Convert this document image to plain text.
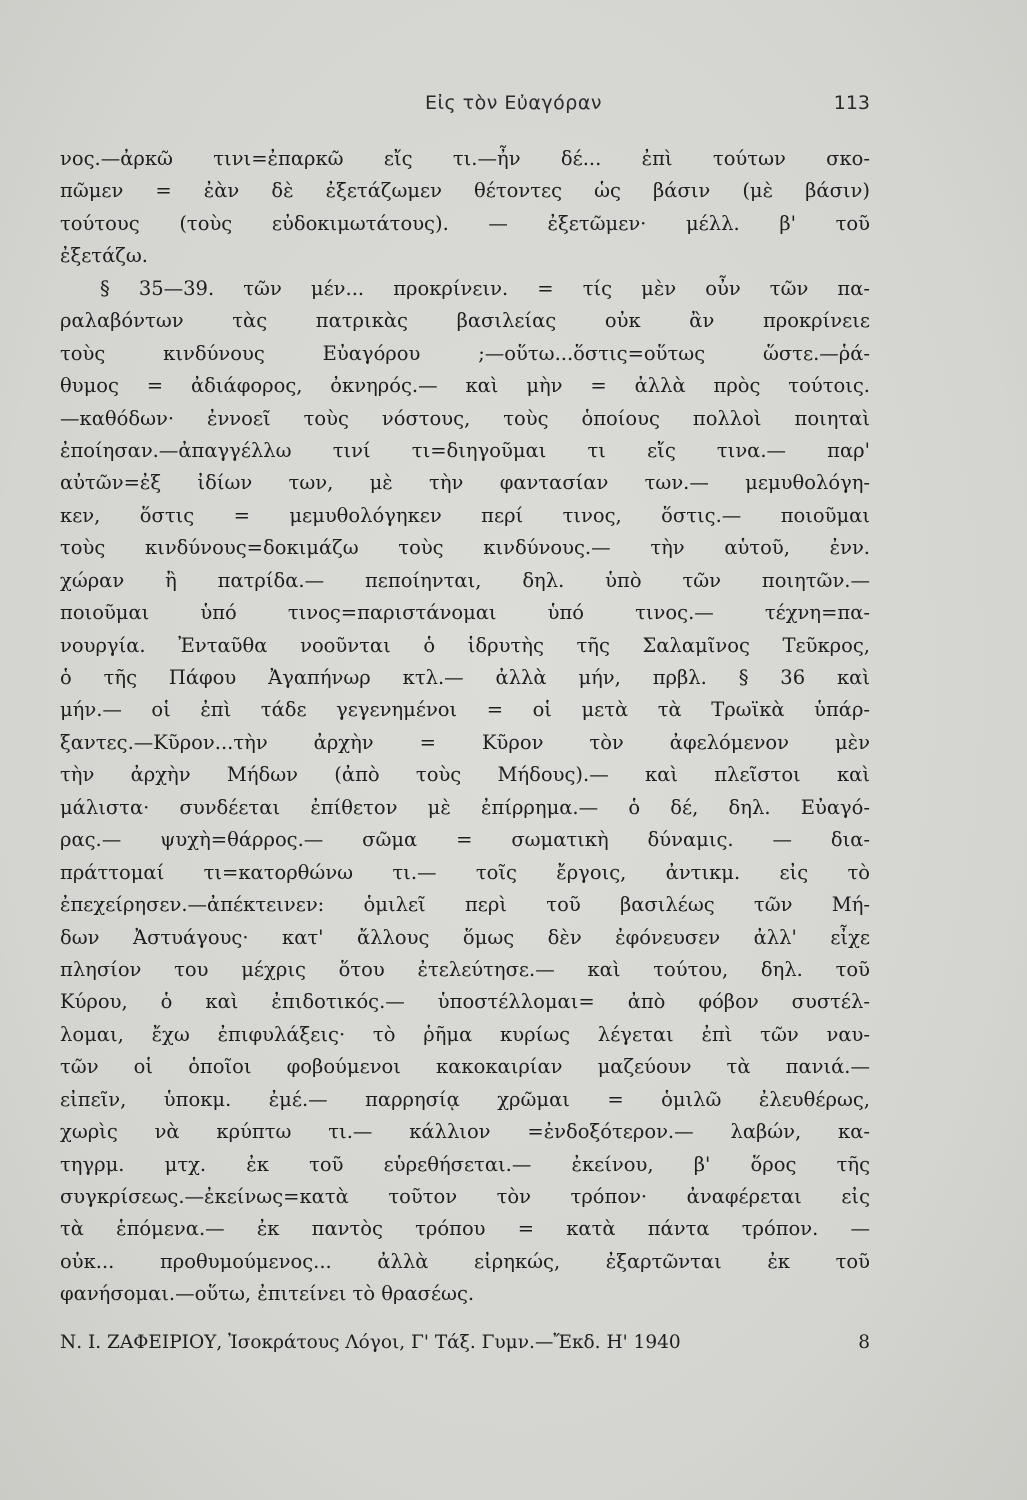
Εἰς τὸν Εὐαγόραν	113
νος.—ἀρκῶ τινι=ἐπαρκῶ εἴς τι.—ἦν δέ... ἐπὶ τούτων σκο-
πῶμεν = ἐὰν δὲ ἐξετάζωμεν θέτοντες ὡς βάσιν (μὲ βάσιν)
τούτους (τοὺς εὐδοκιμωτάτους). — ἐξετῶμεν· μέλλ. β' τοῦ
ἐξετάζω.
§ 35—39. τῶν μέν... προκρίνειν. = τίς μὲν οὖν τῶν πα-
ραλαβόντων τὰς πατρικὰς βασιλείας οὐκ ἂν προκρίνειε
τοὺς κινδύνους Εὐαγόρου ;—οὕτω...ὅστις=οὕτως ὥστε.—ῥά-
θυμος = ἀδιάφορος, ὀκνηρός.— καὶ μὴν = ἀλλὰ πρὸς τούτοις.
—καθόδων· ἐννοεῖ τοὺς νόστους, τοὺς ὁποίους πολλοὶ ποιηταὶ
ἐποίησαν.—ἀπαγγέλλω τινί τι=διηγοῦμαι τι εἴς τινα.— παρ'
αὐτῶν=ἐξ ἰδίων των, μὲ τὴν φαντασίαν των.— μεμυθολόγη-
κεν, ὅστις = μεμυθολόγηκεν περί τινος, ὅστις.— ποιοῦμαι
τοὺς κινδύνους=δοκιμάζω τοὺς κινδύνους.— τὴν αὑτοῦ, ἐνν.
χώραν ἢ πατρίδα.— πεποίηνται, δηλ. ὑπὸ τῶν ποιητῶν.—
ποιοῦμαι ὑπό τινος=παριστάνομαι ὑπό τινος.— τέχνη=πα-
νουργία. Ἐνταῦθα νοοῦνται ὁ ἱδρυτὴς τῆς Σαλαμῖνος Τεῦκρος,
ὁ τῆς Πάφου Ἀγαπήνωρ κτλ.— ἀλλὰ μήν, πρβλ. § 36 καὶ
μήν.— οἱ ἐπὶ τάδε γεγενημένοι = οἱ μετὰ τὰ Τρωϊκὰ ὑπάρ-
ξαντες.—Κῦρον...τὴν ἀρχὴν = Κῦρον τὸν ἀφελόμενον μὲν
τὴν ἀρχὴν Μήδων (ἀπὸ τοὺς Μήδους).— καὶ πλεῖστοι καὶ
μάλιστα· συνδέεται ἐπίθετον μὲ ἐπίρρημα.— ὁ δέ, δηλ. Εὐαγό-
ρας.— ψυχὴ=θάρρος.— σῶμα = σωματικὴ δύναμις. — δια-
πράττομαί τι=κατορθώνω τι.— τοῖς ἔργοις, ἀντικμ. εἰς τὸ
ἐπεχείρησεν.—ἀπέκτεινεν: ὁμιλεῖ περὶ τοῦ βασιλέως τῶν Μή-
δων Ἀστυάγους· κατ' ἄλλους ὅμως δὲν ἐφόνευσεν ἀλλ' εἶχε
πλησίον του μέχρις ὅτου ἐτελεύτησε.— καὶ τούτου, δηλ. τοῦ
Κύρου, ὁ καὶ ἐπιδοτικός.— ὑποστέλλομαι= ἀπὸ φόβον συστέλ-
λομαι, ἔχω ἐπιφυλάξεις· τὸ ῥῆμα κυρίως λέγεται ἐπὶ τῶν ναυ-
τῶν οἱ ὁποῖοι φοβούμενοι κακοκαιρίαν μαζεύουν τὰ πανιά.—
εἰπεῖν, ὑποκμ. ἐμέ.— παρρησίᾳ χρῶμαι = ὁμιλῶ ἐλευθέρως,
χωρὶς νὰ κρύπτω τι.— κάλλιον =ἐνδοξότερον.— λαβών, κα-
τηγρμ. μτχ. ἐκ τοῦ εὑρεθήσεται.— ἐκείνου, β' ὅρος τῆς
συγκρίσεως.—ἐκείνως=κατὰ τοῦτον τὸν τρόπον· ἀναφέρεται εἰς
τὰ ἑπόμενα.— ἐκ παντὸς τρόπου = κατὰ πάντα τρόπον. —
οὐκ... προθυμούμενος... ἀλλὰ εἰρηκώς, ἐξαρτῶνται ἐκ τοῦ
φανήσομαι.—οὕτω, ἐπιτείνει τὸ θρασέως.
Ν. Ι. ΖΑΦΕΙΡΙΟΥ, Ἰσοκράτους Λόγοι, Γ' Τάξ. Γυμν.—Ἔκδ. Η' 1940	8
